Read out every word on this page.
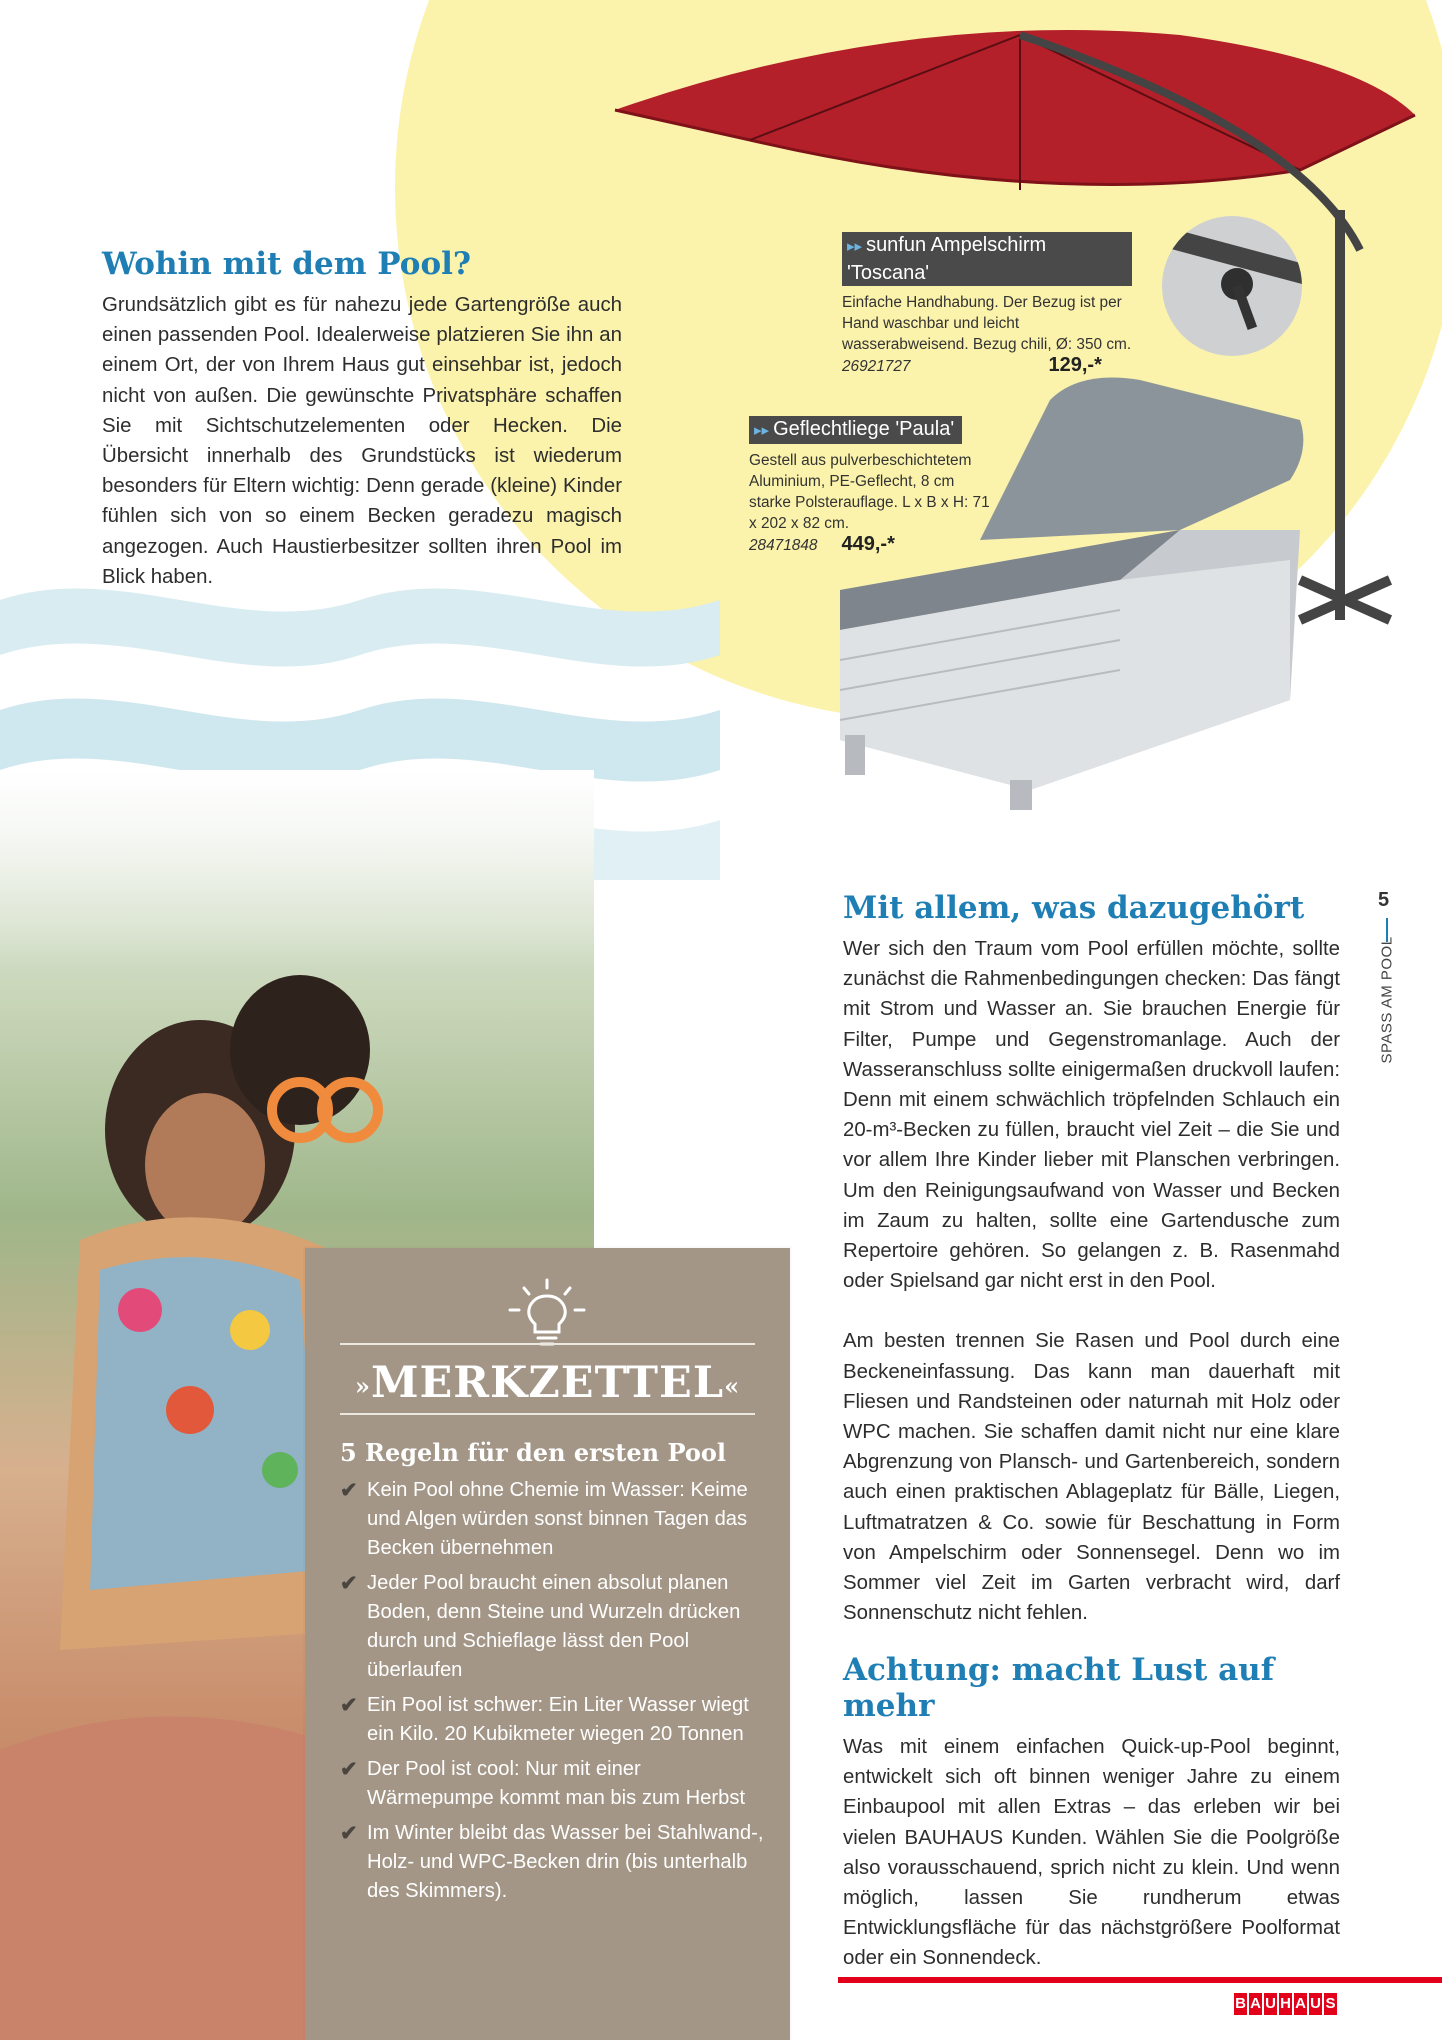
Wohin mit dem Pool?

Grundsätzlich gibt es für nahezu jede Gartengröße auch einen passenden Pool. Idealerweise platzieren Sie ihn an einem Ort, der von Ihrem Haus gut einsehbar ist, jedoch nicht von außen. Die gewünschte Privatsphäre schaffen Sie mit Sichtschutzelementen oder Hecken. Die Übersicht innerhalb des Grundstücks ist wiederum besonders für Eltern wichtig: Denn gerade (kleine) Kinder fühlen sich von so einem Becken geradezu magisch angezogen. Auch Haustierbesitzer sollten ihren Pool im Blick haben.

▸▸ sunfun Ampelschirm 'Toscana'
Einfache Handhabung. Der Bezug ist per Hand waschbar und leicht wasserabweisend. Bezug chili, Ø: 350 cm.
26921727	129,-*
▸▸ Geflechtliege 'Paula'
Gestell aus pulverbeschichtetem Aluminium, PE-Geflecht, 8 cm starke Polsterauflage. L x B x H: 71 x 202 x 82 cm.
28471848 449,-*
»MERKZETTEL«
5 Regeln für den ersten Pool
✔ Kein Pool ohne Chemie im Wasser: Keime und Algen würden sonst binnen Tagen das Becken übernehmen
✔ Jeder Pool braucht einen absolut planen Boden, denn Steine und Wurzeln drücken durch und Schieflage lässt den Pool überlaufen
✔ Ein Pool ist schwer: Ein Liter Wasser wiegt ein Kilo. 20 Kubikmeter wiegen 20 Tonnen
✔ Der Pool ist cool: Nur mit einer Wärmepumpe kommt man bis zum Herbst
✔ Im Winter bleibt das Wasser bei Stahlwand-, Holz- und WPC-Becken drin (bis unterhalb des Skimmers).
Mit allem, was dazugehört

Wer sich den Traum vom Pool erfüllen möchte, sollte zunächst die Rahmenbedingungen checken: Das fängt mit Strom und Wasser an. Sie brauchen Energie für Filter, Pumpe und Gegenstromanlage. Auch der Wasseranschluss sollte einigermaßen druckvoll laufen: Denn mit einem schwächlich tröpfelnden Schlauch ein 20-m³-Becken zu füllen, braucht viel Zeit – die Sie und vor allem Ihre Kinder lieber mit Planschen verbringen. Um den Reinigungsaufwand von Wasser und Becken im Zaum zu halten, sollte eine Gartendusche zum Repertoire gehören. So gelangen z. B. Rasenmahd oder Spielsand gar nicht erst in den Pool.

Am besten trennen Sie Rasen und Pool durch eine Beckeneinfassung. Das kann man dauerhaft mit Fliesen und Randsteinen oder naturnah mit Holz oder WPC machen. Sie schaffen damit nicht nur eine klare Abgrenzung von Plansch- und Gartenbereich, sondern auch einen praktischen Ablageplatz für Bälle, Liegen, Luftmatratzen & Co. sowie für Beschattung in Form von Ampelschirm oder Sonnensegel. Denn wo im Sommer viel Zeit im Garten verbracht wird, darf Sonnenschutz nicht fehlen.

Achtung: macht Lust auf mehr

Was mit einem einfachen Quick-up-Pool beginnt, entwickelt sich oft binnen weniger Jahre zu einem Einbaupool mit allen Extras – das erleben wir bei vielen BAUHAUS Kunden. Wählen Sie die Poolgröße also vorausschauend, sprich nicht zu klein. Und wenn möglich, lassen Sie rundherum etwas Entwicklungsfläche für das nächstgrößere Poolformat oder ein Sonnendeck.

5
SPASS AM POOL
B A U H A U S
